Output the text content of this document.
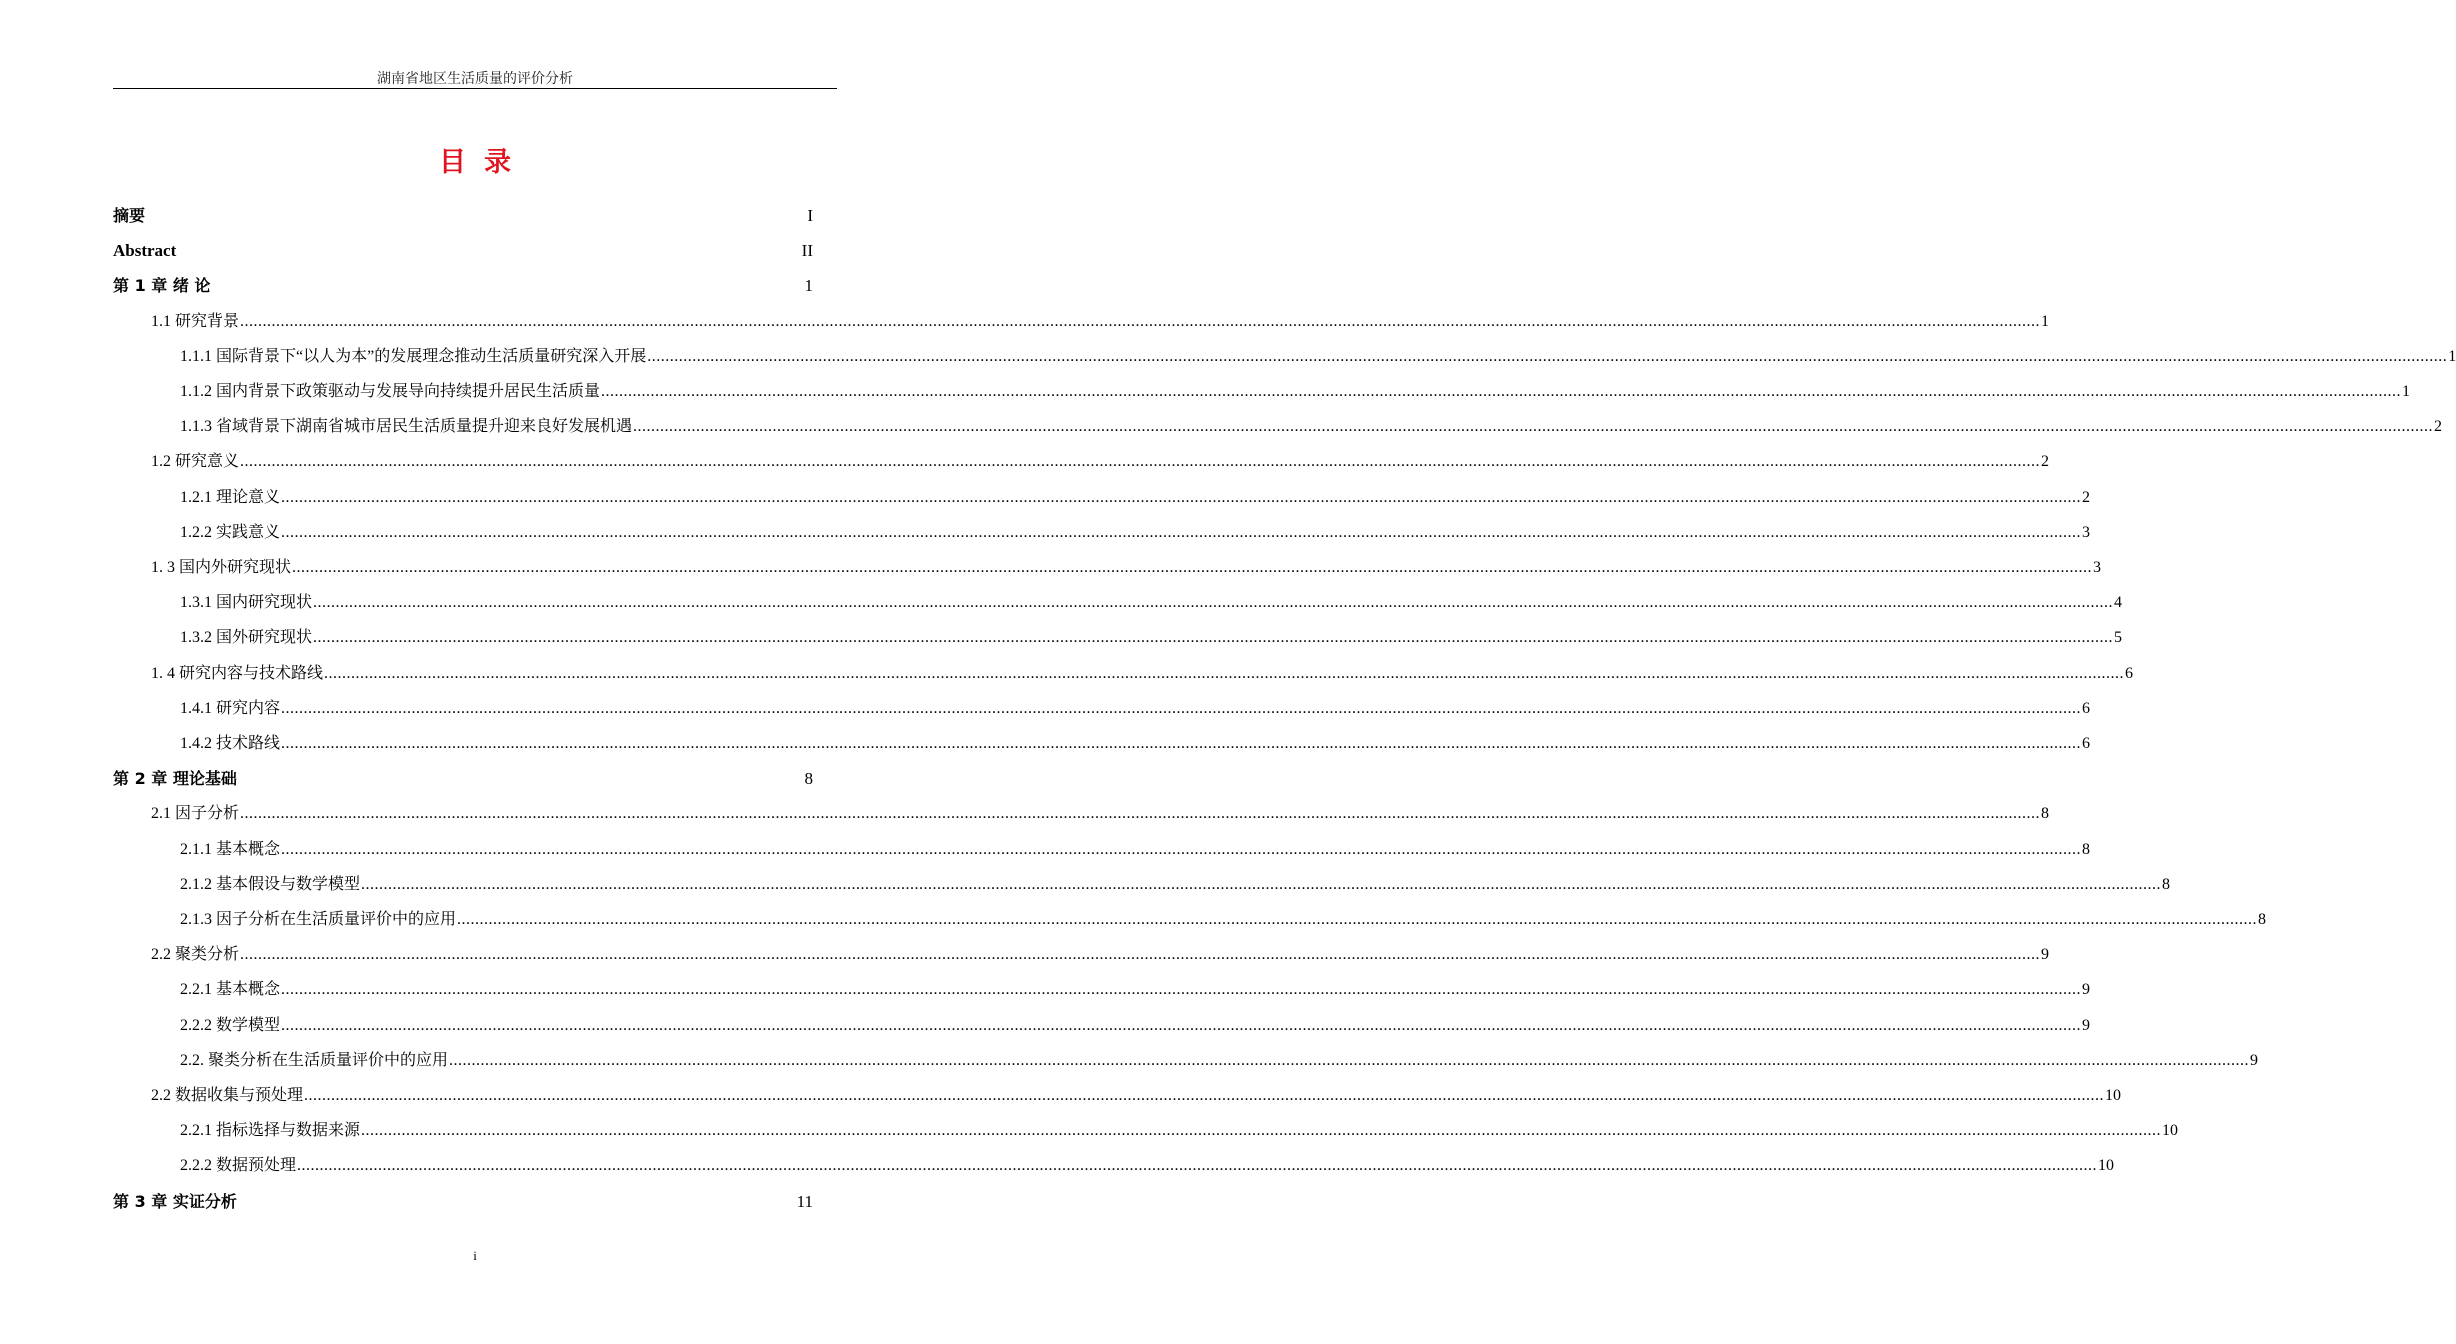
湖南省地区生活质量的评价分析
目录
摘要	I
Abstract	II
第 1 章 绪 论	1
1.1 研究背景 ................................................................................................................................................................................................................................................................................................................................................................................................................ 1
1.1.1 国际背景下“以人为本”的发展理念推动生活质量研究深入开展 ................................................................................................................................................................................................................................................................................................................................................................................................................ 1
1.1.2 国内背景下政策驱动与发展导向持续提升居民生活质量 ................................................................................................................................................................................................................................................................................................................................................................................................................ 1
1.1.3 省域背景下湖南省城市居民生活质量提升迎来良好发展机遇 ................................................................................................................................................................................................................................................................................................................................................................................................................ 2
1.2 研究意义 ................................................................................................................................................................................................................................................................................................................................................................................................................ 2
1.2.1 理论意义 ................................................................................................................................................................................................................................................................................................................................................................................................................ 2
1.2.2 实践意义 ................................................................................................................................................................................................................................................................................................................................................................................................................ 3
1. 3 国内外研究现状 ................................................................................................................................................................................................................................................................................................................................................................................................................ 3
1.3.1 国内研究现状 ................................................................................................................................................................................................................................................................................................................................................................................................................ 4
1.3.2 国外研究现状 ................................................................................................................................................................................................................................................................................................................................................................................................................ 5
1. 4 研究内容与技术路线 ................................................................................................................................................................................................................................................................................................................................................................................................................ 6
1.4.1 研究内容 ................................................................................................................................................................................................................................................................................................................................................................................................................ 6
1.4.2 技术路线 ................................................................................................................................................................................................................................................................................................................................................................................................................ 6
第 2 章 理论基础	8
2.1 因子分析 ................................................................................................................................................................................................................................................................................................................................................................................................................ 8
2.1.1 基本概念 ................................................................................................................................................................................................................................................................................................................................................................................................................ 8
2.1.2 基本假设与数学模型 ................................................................................................................................................................................................................................................................................................................................................................................................................ 8
2.1.3 因子分析在生活质量评价中的应用 ................................................................................................................................................................................................................................................................................................................................................................................................................ 8
2.2 聚类分析 ................................................................................................................................................................................................................................................................................................................................................................................................................ 9
2.2.1 基本概念 ................................................................................................................................................................................................................................................................................................................................................................................................................ 9
2.2.2 数学模型 ................................................................................................................................................................................................................................................................................................................................................................................................................ 9
2.2. 聚类分析在生活质量评价中的应用 ................................................................................................................................................................................................................................................................................................................................................................................................................ 9
2.2 数据收集与预处理 ................................................................................................................................................................................................................................................................................................................................................................................................................ 10
2.2.1 指标选择与数据来源 ................................................................................................................................................................................................................................................................................................................................................................................................................ 10
2.2.2 数据预处理 ................................................................................................................................................................................................................................................................................................................................................................................................................ 10
第 3 章 实证分析	11
i
